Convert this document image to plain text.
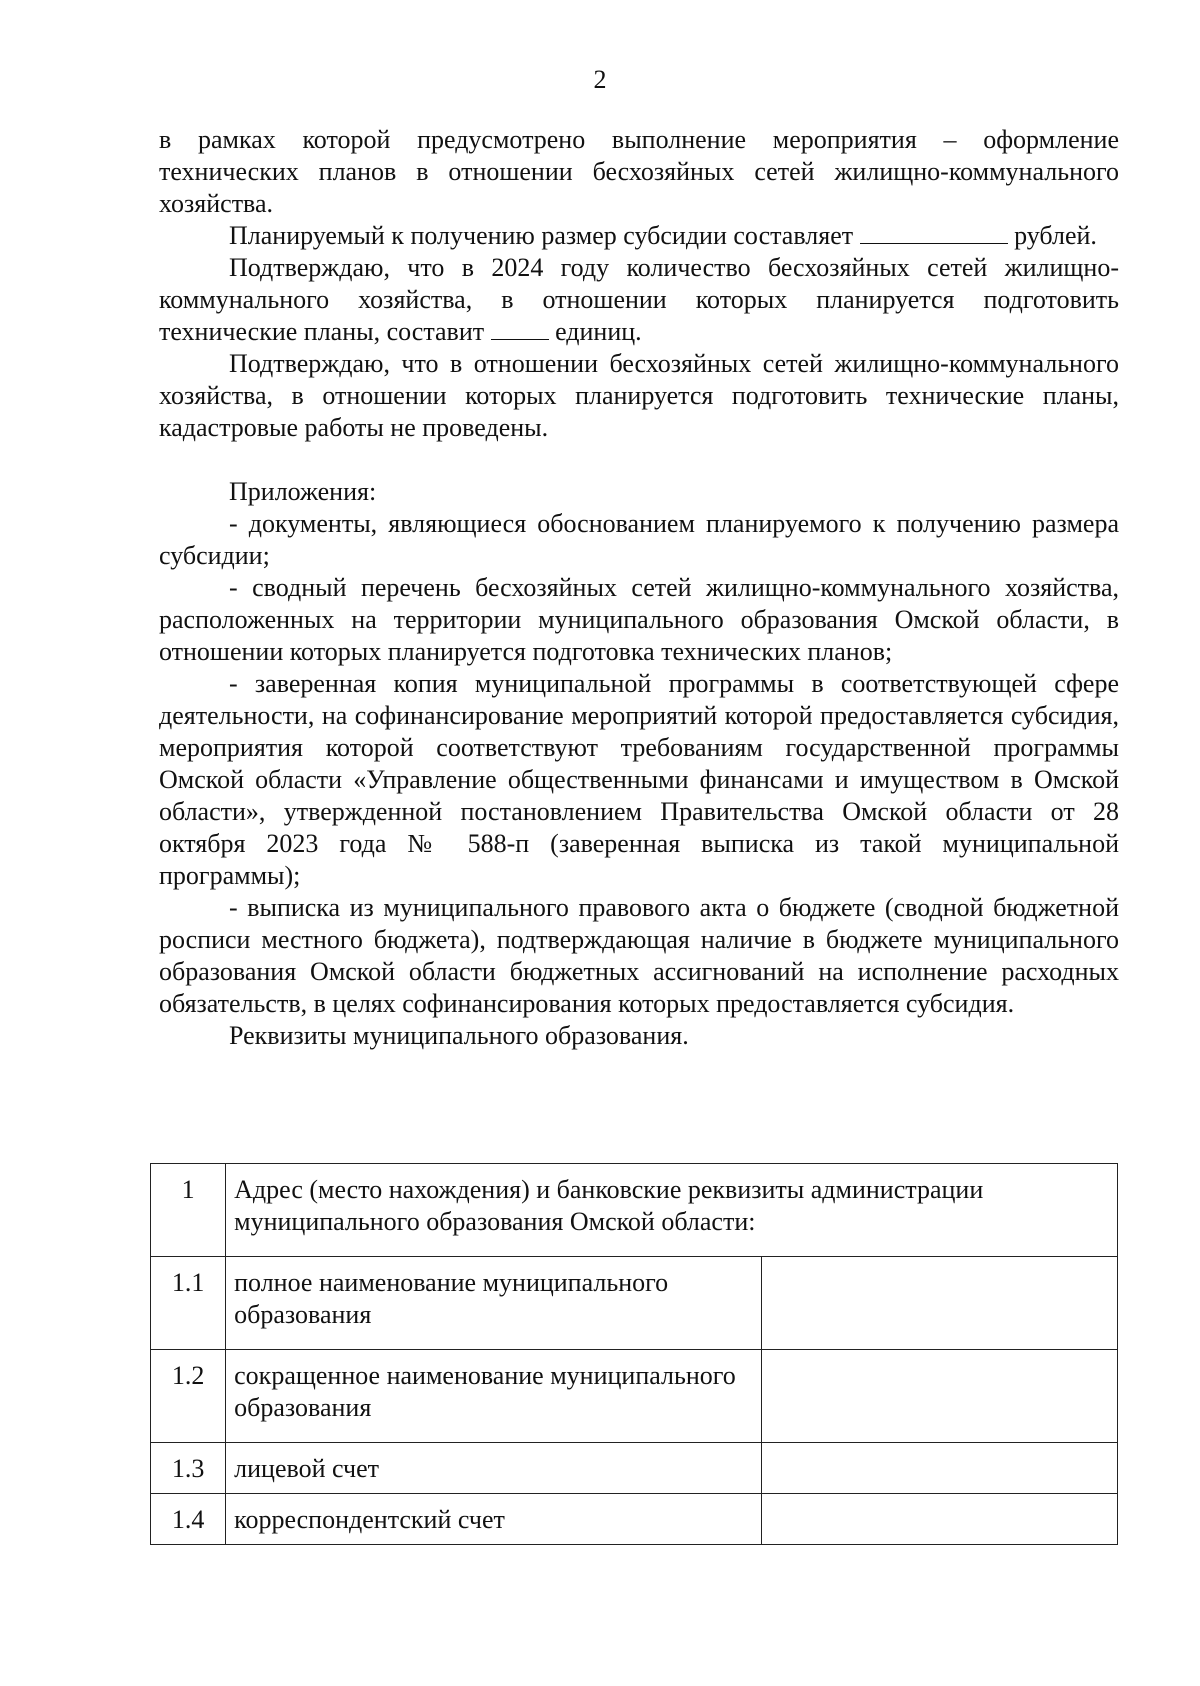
2

в рамках которой предусмотрено выполнение мероприятия – оформление технических планов в отношении бесхозяйных сетей жилищно-коммунального хозяйства.

Планируемый к получению размер субсидии составляет	рублей.

Подтверждаю, что в 2024 году количество бесхозяйных сетей жилищно-коммунального хозяйства, в отношении которых планируется подготовить технические планы, составит	единиц.

Подтверждаю, что в отношении бесхозяйных сетей жилищно-коммунального хозяйства, в отношении которых планируется подготовить технические планы, кадастровые работы не проведены.

Приложения:

- документы, являющиеся обоснованием планируемого к получению размера субсидии;

- сводный перечень бесхозяйных сетей жилищно-коммунального хозяйства, расположенных на территории муниципального образования Омской области, в отношении которых планируется подготовка технических планов;

- заверенная копия муниципальной программы в соответствующей сфере деятельности, на софинансирование мероприятий которой предоставляется субсидия, мероприятия которой соответствуют требованиям государственной программы Омской области «Управление общественными финансами и имуществом в Омской области», утвержденной постановлением Правительства Омской области от 28 октября 2023 года № 588-п (заверенная выписка из такой муниципальной программы);

- выписка из муниципального правового акта о бюджете (сводной бюджетной росписи местного бюджета), подтверждающая наличие в бюджете муниципального образования Омской области бюджетных ассигнований на исполнение расходных обязательств, в целях софинансирования которых предоставляется субсидия.

Реквизиты муниципального образования.

1	Адрес (место нахождения) и банковские реквизиты администрации муниципального образования Омской области:	
1.1	полное наименование муниципального образования	
1.2	сокращенное наименование муниципального образования	
1.3	лицевой счет	
1.4	корреспондентский счет	
